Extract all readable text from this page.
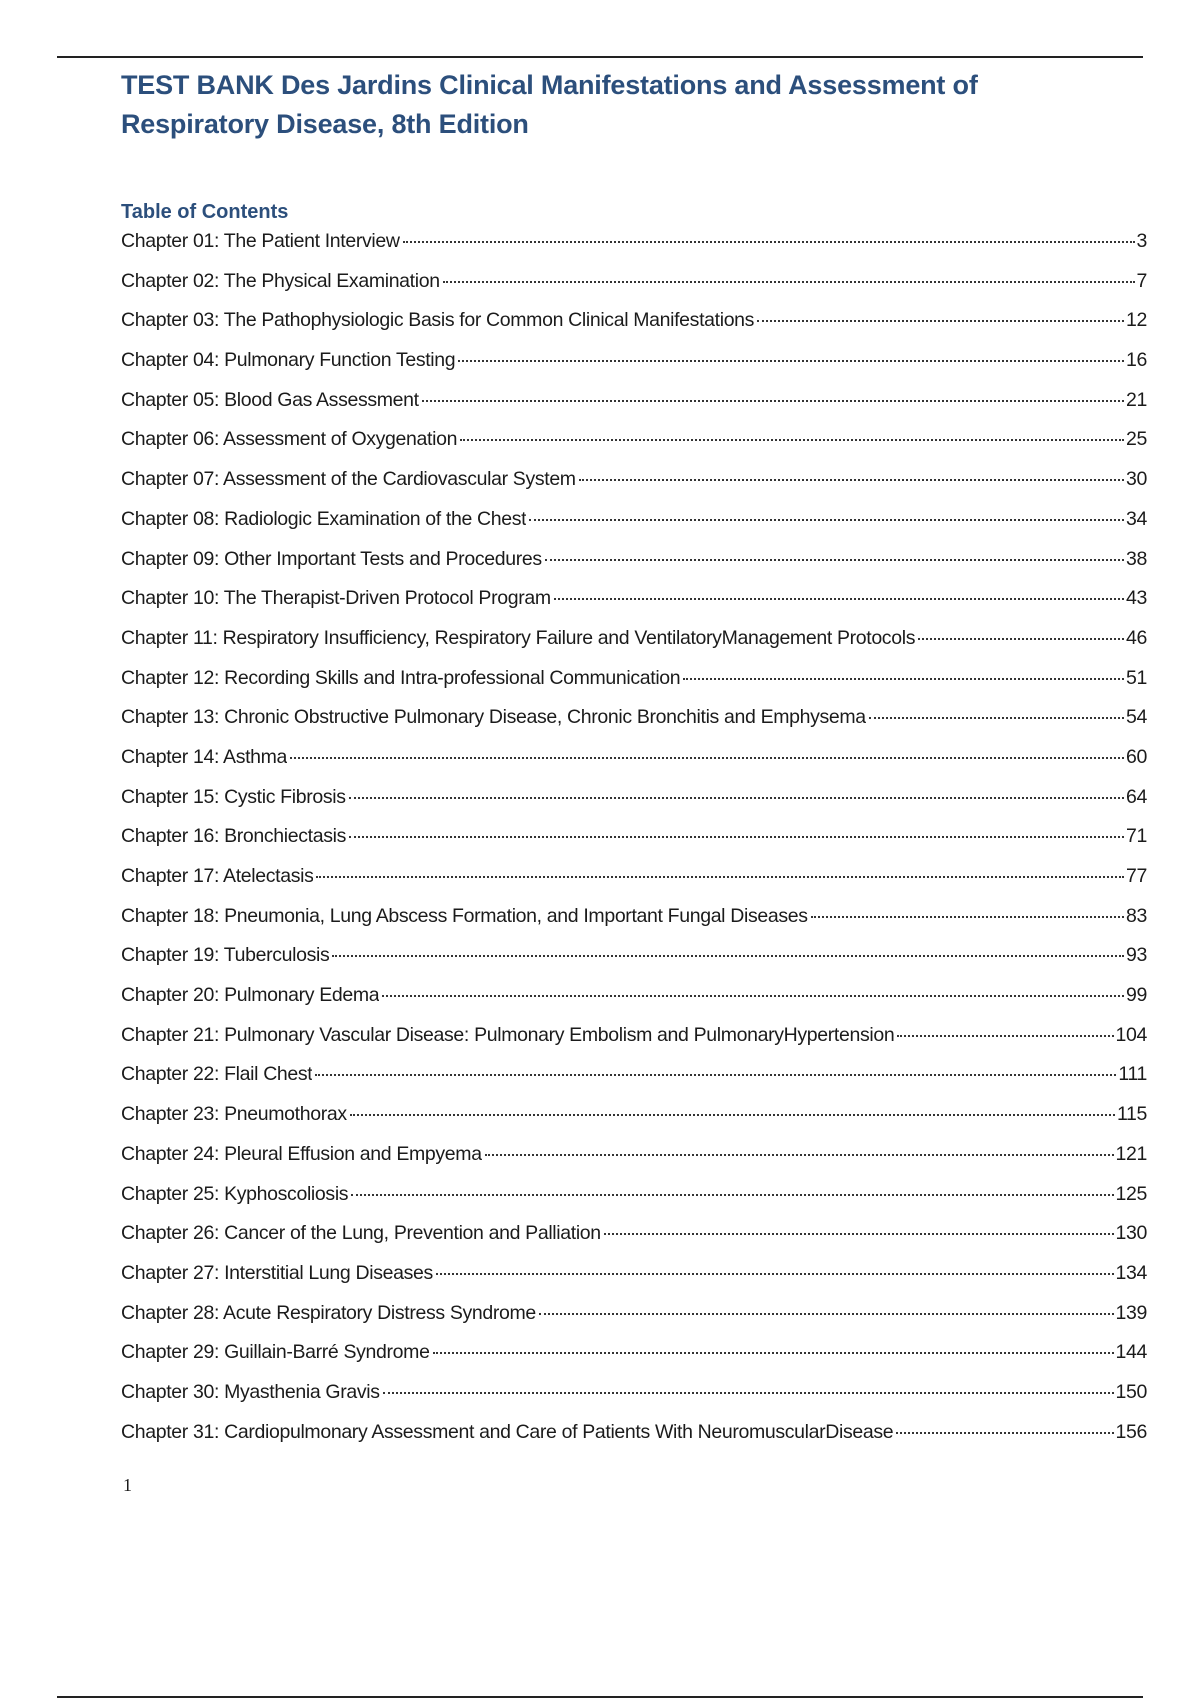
TEST BANK Des Jardins Clinical Manifestations and Assessment of Respiratory Disease, 8th Edition
Table of Contents
Chapter 01: The Patient Interview	3
Chapter 02: The Physical Examination	7
Chapter 03: The Pathophysiologic Basis for Common Clinical Manifestations	12
Chapter 04: Pulmonary Function Testing	16
Chapter 05: Blood Gas Assessment	21
Chapter 06: Assessment of Oxygenation	25
Chapter 07: Assessment of the Cardiovascular System	30
Chapter 08: Radiologic Examination of the Chest	34
Chapter 09: Other Important Tests and Procedures	38
Chapter 10: The Therapist-Driven Protocol Program	43
Chapter 11: Respiratory Insufficiency, Respiratory Failure and VentilatoryManagement Protocols	46
Chapter 12: Recording Skills and Intra-professional Communication	51
Chapter 13: Chronic Obstructive Pulmonary Disease, Chronic Bronchitis and Emphysema	54
Chapter 14: Asthma	60
Chapter 15: Cystic Fibrosis	64
Chapter 16: Bronchiectasis	71
Chapter 17: Atelectasis	77
Chapter 18: Pneumonia, Lung Abscess Formation, and Important Fungal Diseases	83
Chapter 19: Tuberculosis	93
Chapter 20: Pulmonary Edema	99
Chapter 21: Pulmonary Vascular Disease: Pulmonary Embolism and PulmonaryHypertension	104
Chapter 22: Flail Chest	111
Chapter 23: Pneumothorax	115
Chapter 24: Pleural Effusion and Empyema	121
Chapter 25: Kyphoscoliosis	125
Chapter 26: Cancer of the Lung, Prevention and Palliation	130
Chapter 27: Interstitial Lung Diseases	134
Chapter 28: Acute Respiratory Distress Syndrome	139
Chapter 29: Guillain-Barré Syndrome	144
Chapter 30: Myasthenia Gravis	150
Chapter 31: Cardiopulmonary Assessment and Care of Patients With NeuromuscularDisease	156
1
